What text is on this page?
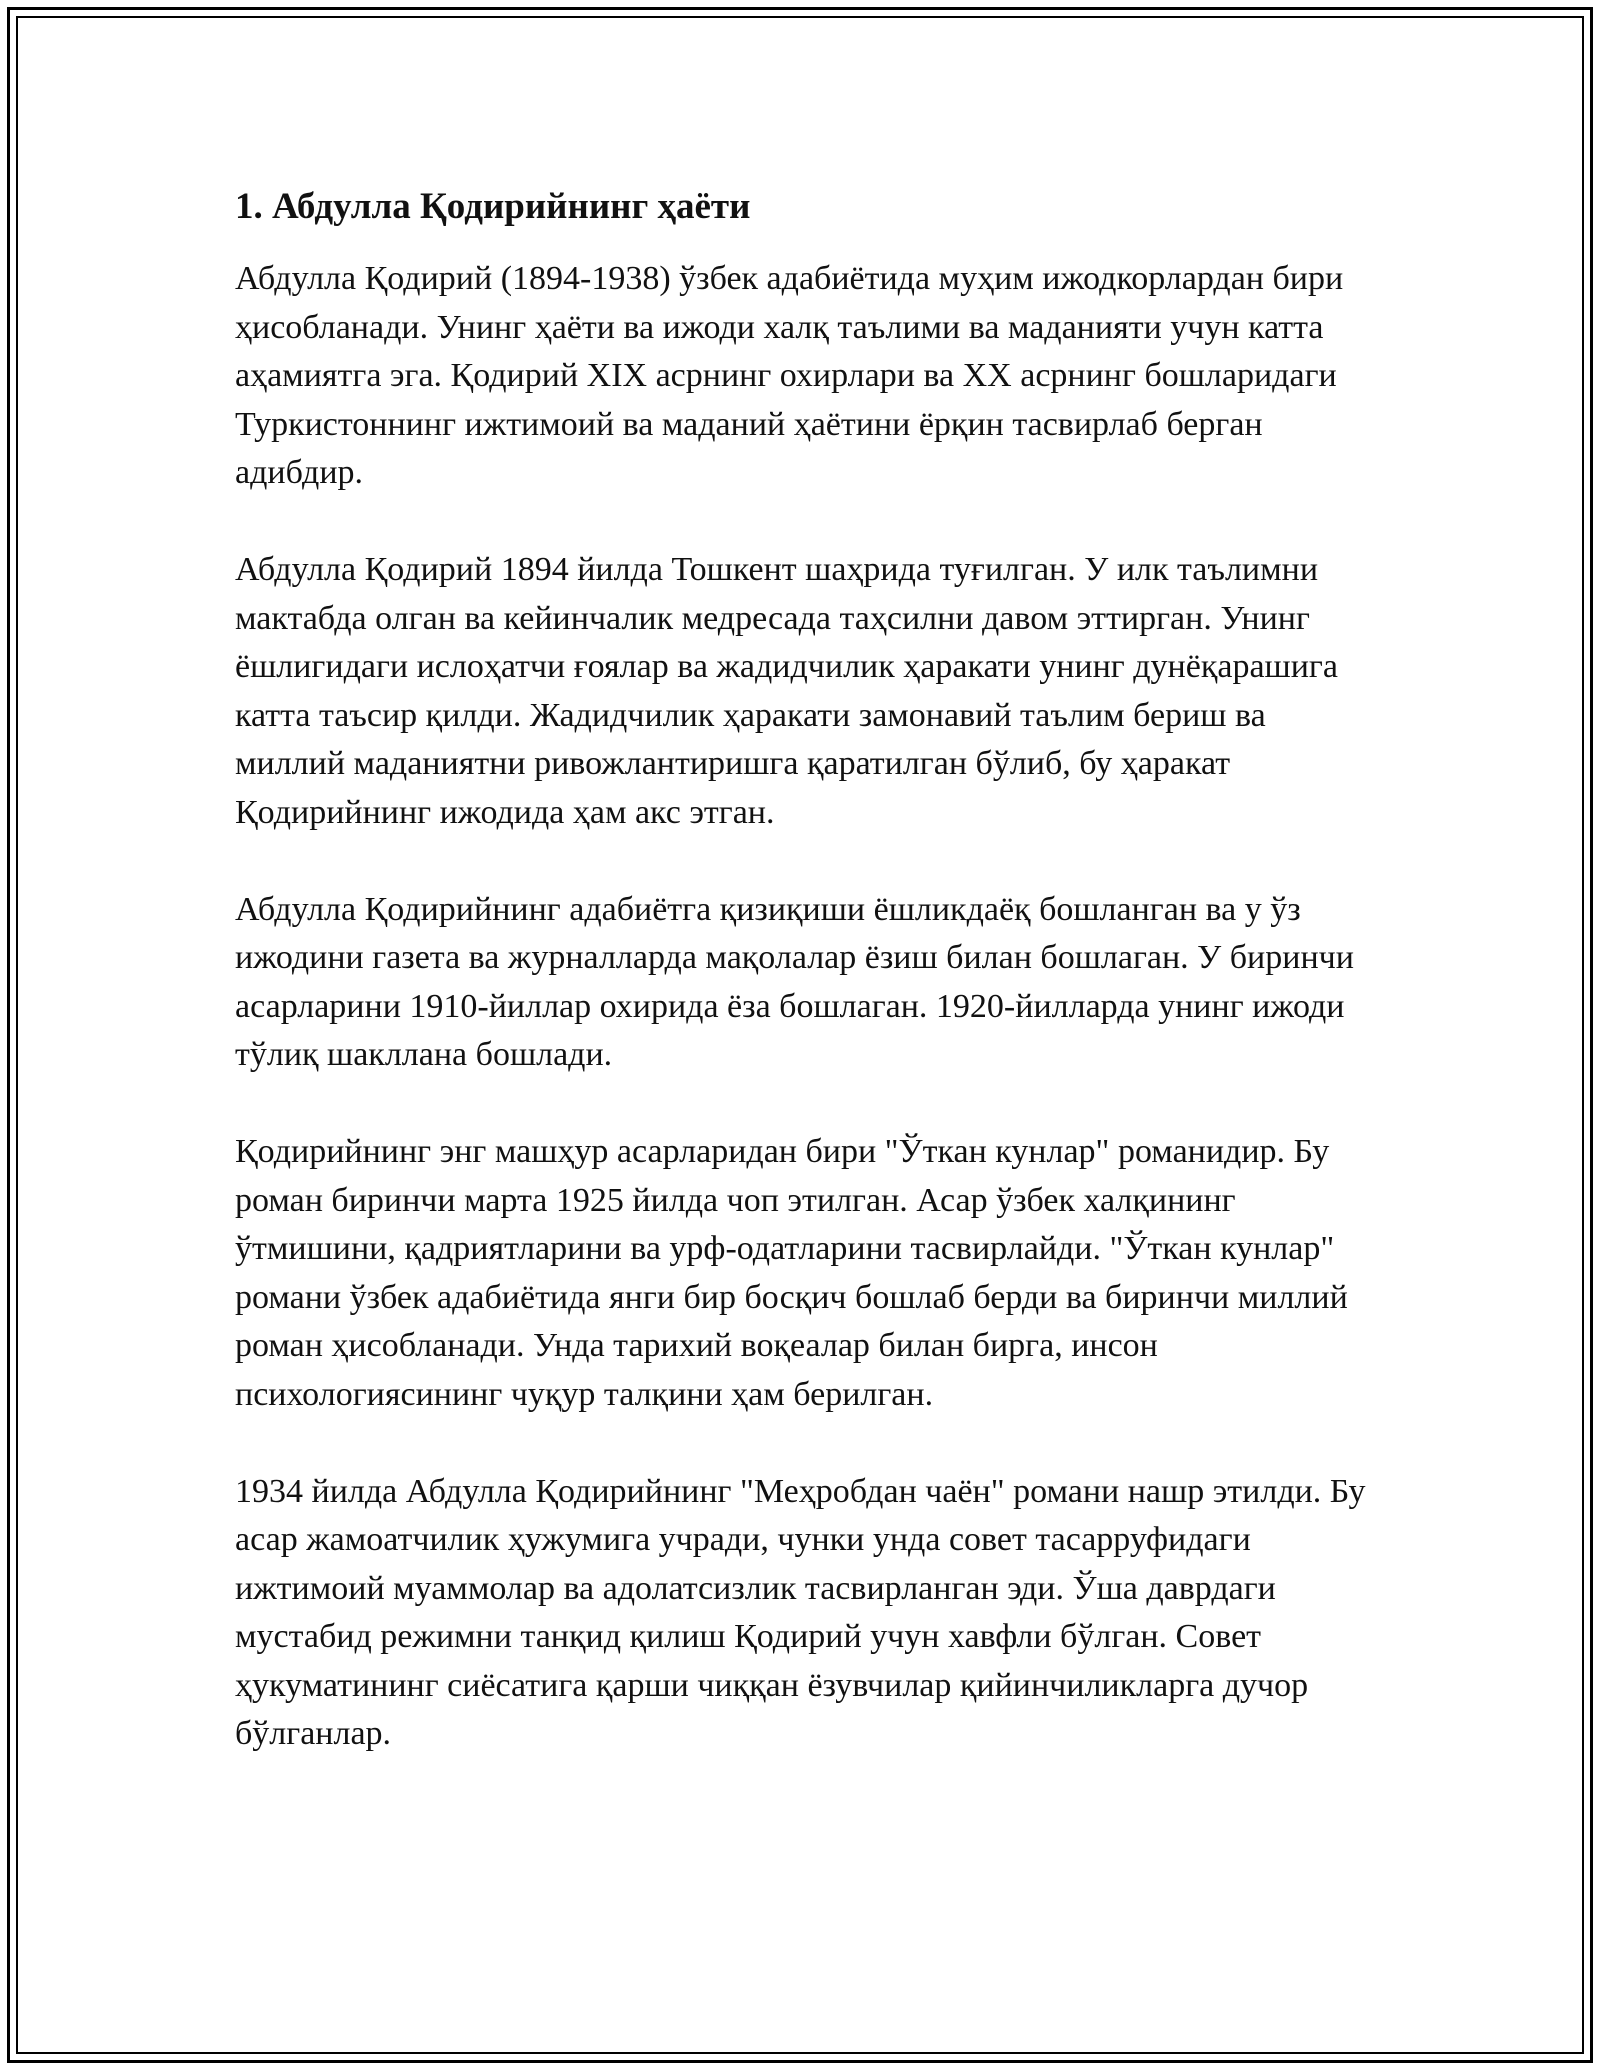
1. Абдулла Қодирийнинг ҳаёти

Абдулла Қодирий (1894-1938) ўзбек адабиётида муҳим ижодкорлардан бири ҳисобланади. Унинг ҳаёти ва ижоди халқ таълими ва маданияти учун катта аҳамиятга эга. Қодирий XIX асрнинг охирлари ва XX асрнинг бошларидаги Туркистоннинг ижтимоий ва маданий ҳаётини ёрқин тасвирлаб берган адибдир.

Абдулла Қодирий 1894 йилда Тошкент шаҳрида туғилган. У илк таълимни мактабда олган ва кейинчалик медресада таҳсилни давом эттирган. Унинг ёшлигидаги ислоҳатчи ғоялар ва жадидчилик ҳаракати унинг дунёқарашига катта таъсир қилди. Жадидчилик ҳаракати замонавий таълим бериш ва миллий маданиятни ривожлантиришга қаратилган бўлиб, бу ҳаракат Қодирийнинг ижодида ҳам акс этган.

Абдулла Қодирийнинг адабиётга қизиқиши ёшликдаёқ бошланган ва у ўз ижодини газета ва журналларда мақолалар ёзиш билан бошлаган. У биринчи асарларини 1910-йиллар охирида ёза бошлаган. 1920-йилларда унинг ижоди тўлиқ шакллана бошлади.

Қодирийнинг энг машҳур асарларидан бири "Ўткан кунлар" романидир. Бу роман биринчи марта 1925 йилда чоп этилган. Асар ўзбек халқининг ўтмишини, қадриятларини ва урф-одатларини тасвирлайди. "Ўткан кунлар" романи ўзбек адабиётида янги бир босқич бошлаб берди ва биринчи миллий роман ҳисобланади. Унда тарихий воқеалар билан бирга, инсон психологиясининг чуқур талқини ҳам берилган.

1934 йилда Абдулла Қодирийнинг "Меҳробдан чаён" романи нашр этилди. Бу асар жамоатчилик ҳужумига учради, чунки унда совет тасарруфидаги ижтимоий муаммолар ва адолатсизлик тасвирланган эди. Ўша даврдаги мустабид режимни танқид қилиш Қодирий учун хавфли бўлган. Совет ҳукуматининг сиёсатига қарши чиққан ёзувчилар қийинчиликларга дучор бўлганлар.
